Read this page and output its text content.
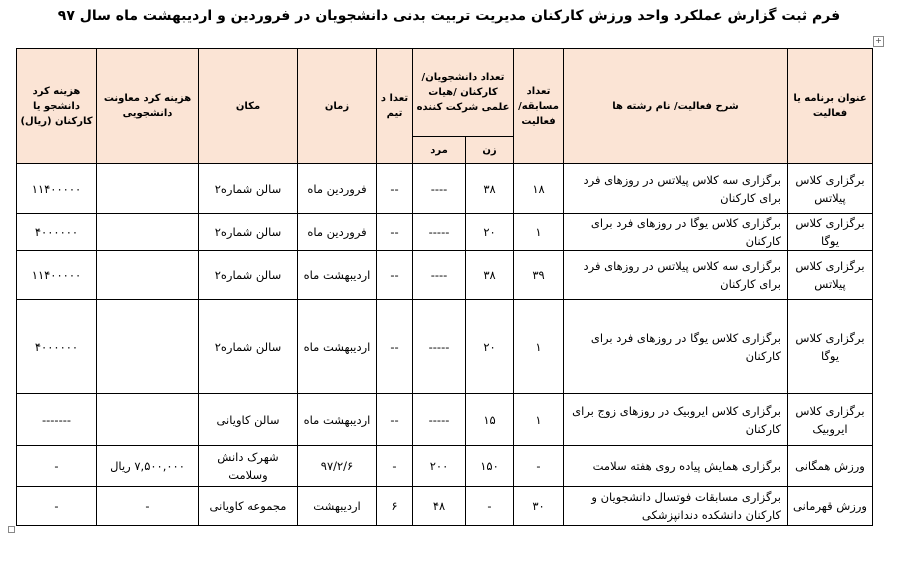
فرم ثبت گزارش عملکرد واحد ورزش کارکنان مدیریت تربیت بدنی دانشجویان در فروردین و اردیبهشت ماه سال ۹۷
+
عنوان برنامه یا فعالیت	شرح فعالیت/ نام رشته ها	تعداد مسابقه/ فعالیت	تعداد دانشجویان/ کارکنان /هیات علمی شرکت کننده		تعدا د تیم	زمان	مکان	هزینه کرد معاونت دانشجویی	هزینه کرد دانشجو یا کارکنان (ریال)
			زن	مرد					
برگزاری کلاس پیلاتس	برگزاری سه کلاس پیلاتس در روزهای فرد برای کارکنان	۱۸	۳۸	----	--	فروردین ماه	سالن شماره۲		۱۱۴۰۰۰۰۰
برگزاری کلاس یوگا	برگزاری کلاس یوگا در روزهای فرد برای کارکنان	۱	۲۰	-----	--	فروردین ماه	سالن شماره۲		۴۰۰۰۰۰۰
برگزاری کلاس پیلاتس	برگزاری سه کلاس پیلاتس در روزهای فرد برای کارکنان	۳۹	۳۸	----	--	اردیبهشت ماه	سالن شماره۲		۱۱۴۰۰۰۰۰
برگزاری کلاس یوگا	برگزاری کلاس یوگا در روزهای فرد برای کارکنان	۱	۲۰	-----	--	اردیبهشت ماه	سالن شماره۲		۴۰۰۰۰۰۰
برگزاری کلاس ایروبیک	برگزاری کلاس ایروبیک در روزهای زوج برای کارکنان	۱	۱۵	-----	--	اردیبهشت ماه	سالن کاویانی		-------
ورزش همگانی	برگزاری همایش پیاده روی هفته سلامت	-	۱۵۰	۲۰۰	-	۹۷/۲/۶	شهرک دانش وسلامت	۷,۵۰۰,۰۰۰ ریال	-
ورزش قهرمانی	برگزاری مسابقات فوتسال دانشجویان و کارکنان دانشکده دندانپزشکی	۳۰	-	۴۸	۶	اردیبهشت	مجموعه کاویانی	-	-
